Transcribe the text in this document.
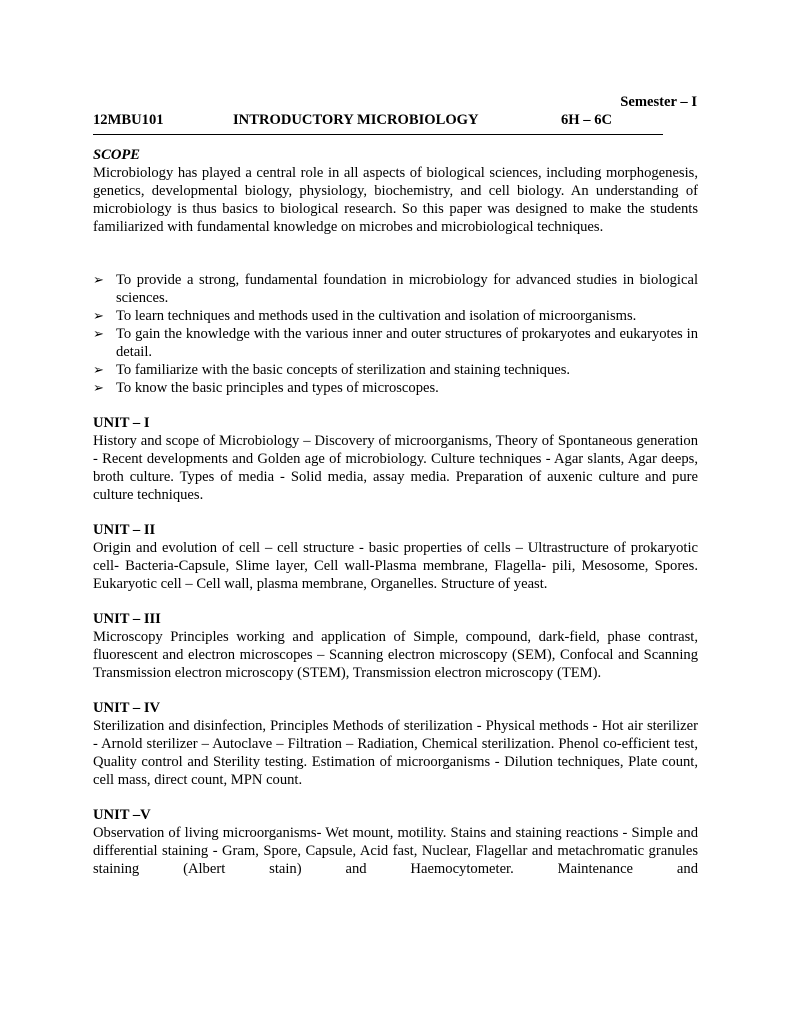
Semester – I
12MBU101	INTRODUCTORY MICROBIOLOGY	6H – 6C

SCOPE

Microbiology has played a central role in all aspects of biological sciences, including morphogenesis, genetics, developmental biology, physiology, biochemistry, and cell biology. An understanding of microbiology is thus basics to biological research. So this paper was designed to make the students familiarized with fundamental knowledge on microbes and microbiological techniques.

➢ To provide a strong, fundamental foundation in microbiology for advanced studies in biological sciences.
➢ To learn techniques and methods used in the cultivation and isolation of microorganisms.
➢ To gain the knowledge with the various inner and outer structures of prokaryotes and eukaryotes in detail.
➢ To familiarize with the basic concepts of sterilization and staining techniques.
➢ To know the basic principles and types of microscopes.

UNIT – I

History and scope of Microbiology – Discovery of microorganisms, Theory of Spontaneous generation - Recent developments and Golden age of microbiology. Culture techniques - Agar slants, Agar deeps, broth culture. Types of media - Solid media, assay media. Preparation of auxenic culture and pure culture techniques.

UNIT – II

Origin and evolution of cell – cell structure - basic properties of cells – Ultrastructure of prokaryotic cell- Bacteria-Capsule, Slime layer, Cell wall-Plasma membrane, Flagella- pili, Mesosome, Spores. Eukaryotic cell – Cell wall, plasma membrane, Organelles. Structure of yeast.

UNIT – III

Microscopy Principles working and application of Simple, compound, dark-field, phase contrast, fluorescent and electron microscopes – Scanning electron microscopy (SEM), Confocal and Scanning Transmission electron microscopy (STEM), Transmission electron microscopy (TEM).

UNIT – IV

Sterilization and disinfection, Principles Methods of sterilization - Physical methods - Hot air sterilizer - Arnold sterilizer – Autoclave – Filtration – Radiation, Chemical sterilization. Phenol co-efficient test, Quality control and Sterility testing. Estimation of microorganisms - Dilution techniques, Plate count, cell mass, direct count, MPN count.

UNIT –V

Observation of living microorganisms- Wet mount, motility. Stains and staining reactions - Simple and differential staining - Gram, Spore, Capsule, Acid fast, Nuclear, Flagellar and metachromatic granules staining (Albert stain) and Haemocytometer. Maintenance and
